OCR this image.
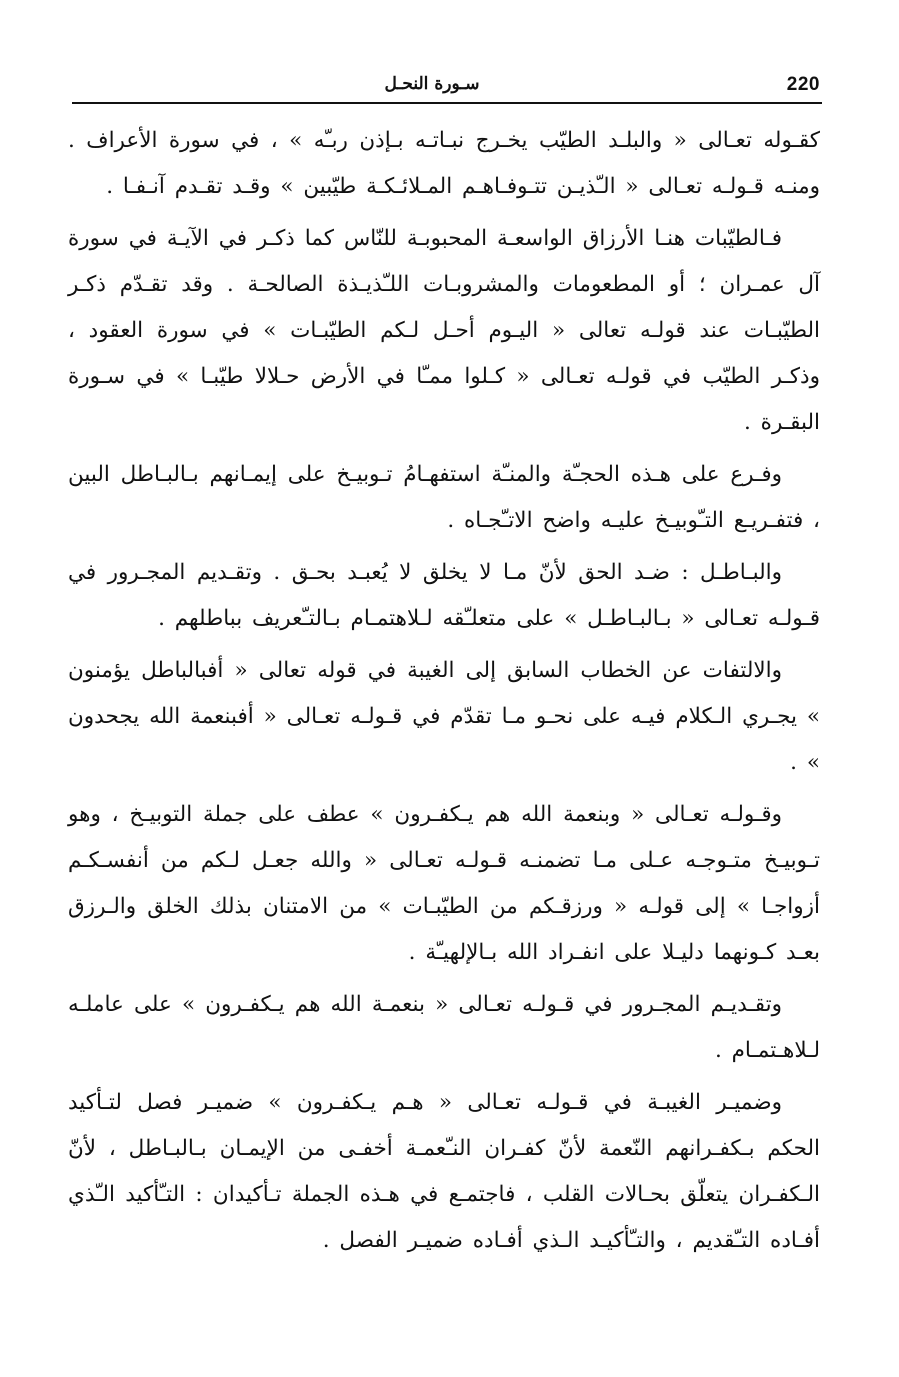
220
سـورة النحـل

كقـوله تعـالى « والبلـد الطيّب يخـرج نبـاتـه بـإذن ربـّه » ، في سورة الأعراف . ومنـه قـولـه تعـالى « الـّذيـن تتـوفـاهـم المـلائـكـة طيّبين » وقـد تقـدم آنـفـا .

فـالطيّبات هنـا الأرزاق الواسعـة المحبوبـة للنّاس كما ذكـر في الآيـة في سورة آل عمـران ؛ أو المطعومات والمشروبـات اللـّذيـذة الصالحـة . وقد تقـدّم ذكـر الطيّبـات عند قولـه تعالى « اليـوم أحـل لـكم الطيّبـات » في سورة العقود ، وذكـر الطيّب في قولـه تعـالى « كـلوا ممـّا في الأرض حـلالا طيّبـا » في سـورة البقـرة .

وفـرع على هـذه الحجـّة والمنـّة استفهـامُ تـوبيـخ على إيمـانهم بـالبـاطل البين ، فتفـريـع التـّوبيـخ عليـه واضح الاتـّجـاه .

والبـاطـل : ضـد الحق لأنّ مـا لا يخلق لا يُعبـد بحـق . وتقـديم المجـرور في قـولـه تعـالى « بـالبـاطـل » على متعلـّقه لـلاهتمـام بـالتـّعريف بباطلهم .

والالتفات عن الخطاب السابق إلى الغيبة في قوله تعالى « أفبالباطل يؤمنون » يجـري الـكلام فيـه على نحـو مـا تقدّم في قـولـه تعـالى « أفبنعمة الله يجحدون » .

وقـولـه تعـالى « وبنعمة الله هم يـكفـرون » عطف على جملة التوبيـخ ، وهو تـوبيـخ متـوجـه عـلى مـا تضمنـه قـولـه تعـالى « والله جعـل لـكم من أنفسـكـم أزواجـا » إلى قولـه « ورزقـكم من الطيّبـات » من الامتنان بذلك الخلق والـرزق بعـد كـونهما دليـلا على انفـراد الله بـالإلهيـّة .

وتقـديـم المجـرور في قـولـه تعـالى « بنعمـة الله هم يـكفـرون » على عاملـه لـلاهـتمـام .

وضميـر الغيبـة في قـولـه تعـالى « هـم يـكفـرون » ضميـر فصل لتـأكيد الحكم بـكفـرانهم النّعمة لأنّ كفـران النـّعمـة أخفـى من الإيمـان بـالبـاطل ، لأنّ الـكفـران يتعلّق بحـالات القلب ، فاجتمـع في هـذه الجملة تـأكيدان : التـّأكيد الـّذي أفـاده التـّقديم ، والتـّأكيـد الـذي أفـاده ضميـر الفصل .
